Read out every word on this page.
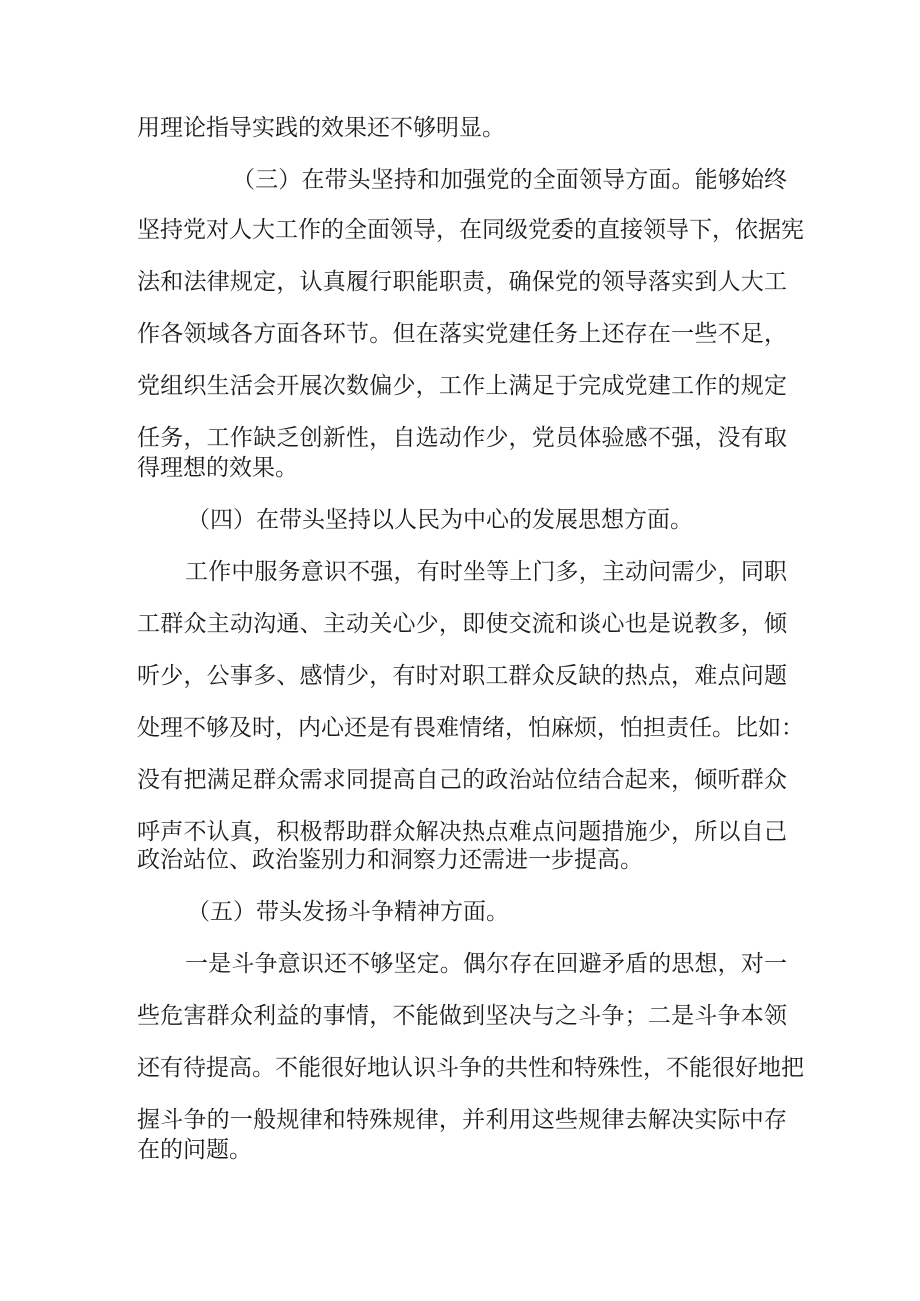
用理论指导实践的效果还不够明显。
（三）在带头坚持和加强党的全面领导方面。能够始终
坚持党对人大工作的全面领导，在同级党委的直接领导下，依据宪
法和法律规定，认真履行职能职责，确保党的领导落实到人大工
作各领域各方面各环节。但在落实党建任务上还存在一些不足，
党组织生活会开展次数偏少，工作上满足于完成党建工作的规定
任务，工作缺乏创新性，自选动作少，党员体验感不强，没有取
得理想的效果。
（四）在带头坚持以人民为中心的发展思想方面。
工作中服务意识不强，有时坐等上门多，主动问需少，同职
工群众主动沟通、主动关心少，即使交流和谈心也是说教多，倾
听少，公事多、感情少，有时对职工群众反缺的热点，难点问题
处理不够及时，内心还是有畏难情绪，怕麻烦，怕担责任。比如：
没有把满足群众需求同提高自己的政治站位结合起来，倾听群众
呼声不认真，积极帮助群众解决热点难点问题措施少，所以自己
政治站位、政治鉴别力和洞察力还需进一步提高。
（五）带头发扬斗争精神方面。
一是斗争意识还不够坚定。偶尔存在回避矛盾的思想，对一
些危害群众利益的事情，不能做到坚决与之斗争；二是斗争本领
还有待提高。不能很好地认识斗争的共性和特殊性，不能很好地把
握斗争的一般规律和特殊规律，并利用这些规律去解决实际中存
在的问题。
